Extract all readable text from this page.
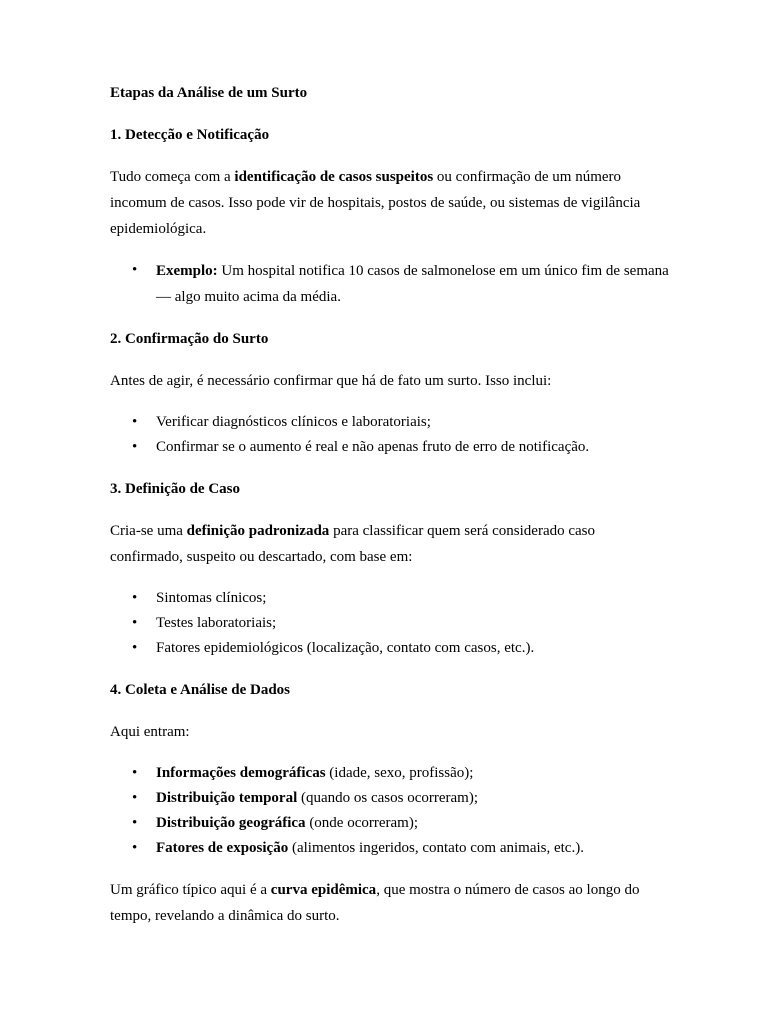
Etapas da Análise de um Surto
1. Detecção e Notificação

Tudo começa com a identificação de casos suspeitos ou confirmação de um número incomum de casos. Isso pode vir de hospitais, postos de saúde, ou sistemas de vigilância epidemiológica.

• Exemplo: Um hospital notifica 10 casos de salmonelose em um único fim de semana — algo muito acima da média.
2. Confirmação do Surto

Antes de agir, é necessário confirmar que há de fato um surto. Isso inclui:

• Verificar diagnósticos clínicos e laboratoriais;
• Confirmar se o aumento é real e não apenas fruto de erro de notificação.
3. Definição de Caso

Cria-se uma definição padronizada para classificar quem será considerado caso confirmado, suspeito ou descartado, com base em:

• Sintomas clínicos;
• Testes laboratoriais;
• Fatores epidemiológicos (localização, contato com casos, etc.).
4. Coleta e Análise de Dados

Aqui entram:

• Informações demográficas (idade, sexo, profissão);
• Distribuição temporal (quando os casos ocorreram);
• Distribuição geográfica (onde ocorreram);
• Fatores de exposição (alimentos ingeridos, contato com animais, etc.).

Um gráfico típico aqui é a curva epidêmica, que mostra o número de casos ao longo do tempo, revelando a dinâmica do surto.
